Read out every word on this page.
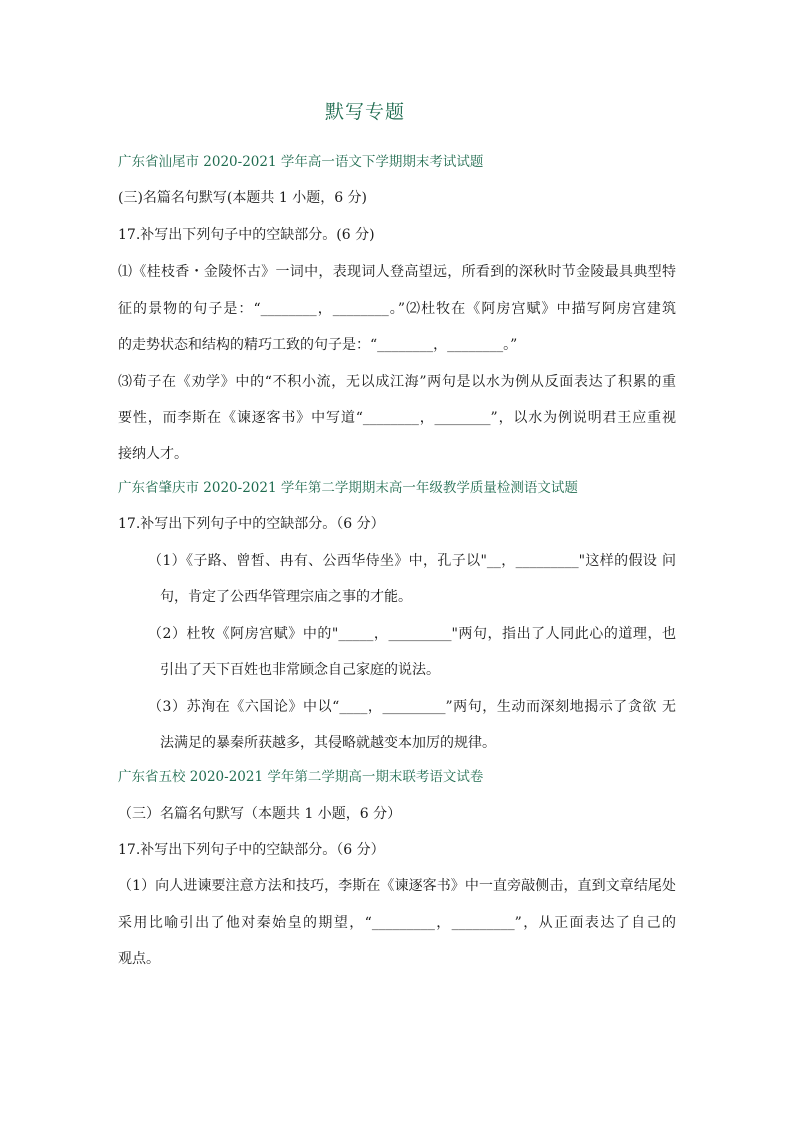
默写专题
广东省汕尾市 2020-2021 学年高一语文下学期期末考试试题
(三)名篇名句默写(本题共 1 小题，6 分)
17.补写出下列句子中的空缺部分。(6 分)
⑴《桂枝香・金陵怀古》一词中，表现词人登高望远，所看到的深秋时节金陵最具典型特
征的景物的句子是：“________，________。”⑵杜牧在《阿房宫赋》中描写阿房宫建筑
的走势状态和结构的精巧工致的句子是：“________，________。”
⑶荀子在《劝学》中的“不积小流，无以成江海”两句是以水为例从反面表达了积累的重
要性，而李斯在《谏逐客书》中写道“________，________”，以水为例说明君王应重视
接纳人才。
广东省肇庆市 2020-2021 学年第二学期期末高一年级教学质量检测语文试题
17.补写出下列句子中的空缺部分。（6 分）
（1）《子路、曾皙、冉有、公西华侍坐》中，孔子以"__，_________"这样的假设 问
句，肯定了公西华管理宗庙之事的才能。
（2）杜牧《阿房宫赋》中的"_____，_________"两句，指出了人同此心的道理，也
引出了天下百姓也非常顾念自己家庭的说法。
（3）苏洵在《六国论》中以“____，_________”两句，生动而深刻地揭示了贪欲 无
法满足的暴秦所获越多，其侵略就越变本加厉的规律。
广东省五校 2020-2021 学年第二学期高一期末联考语文试卷
（三）名篇名句默写（本题共 1 小题，6 分）
17.补写出下列句子中的空缺部分。（6 分）
（1）向人进谏要注意方法和技巧，李斯在《谏逐客书》中一直旁敲侧击，直到文章结尾处
采用比喻引出了他对秦始皇的期望，“_________，_________”，从正面表达了自己的
观点。
